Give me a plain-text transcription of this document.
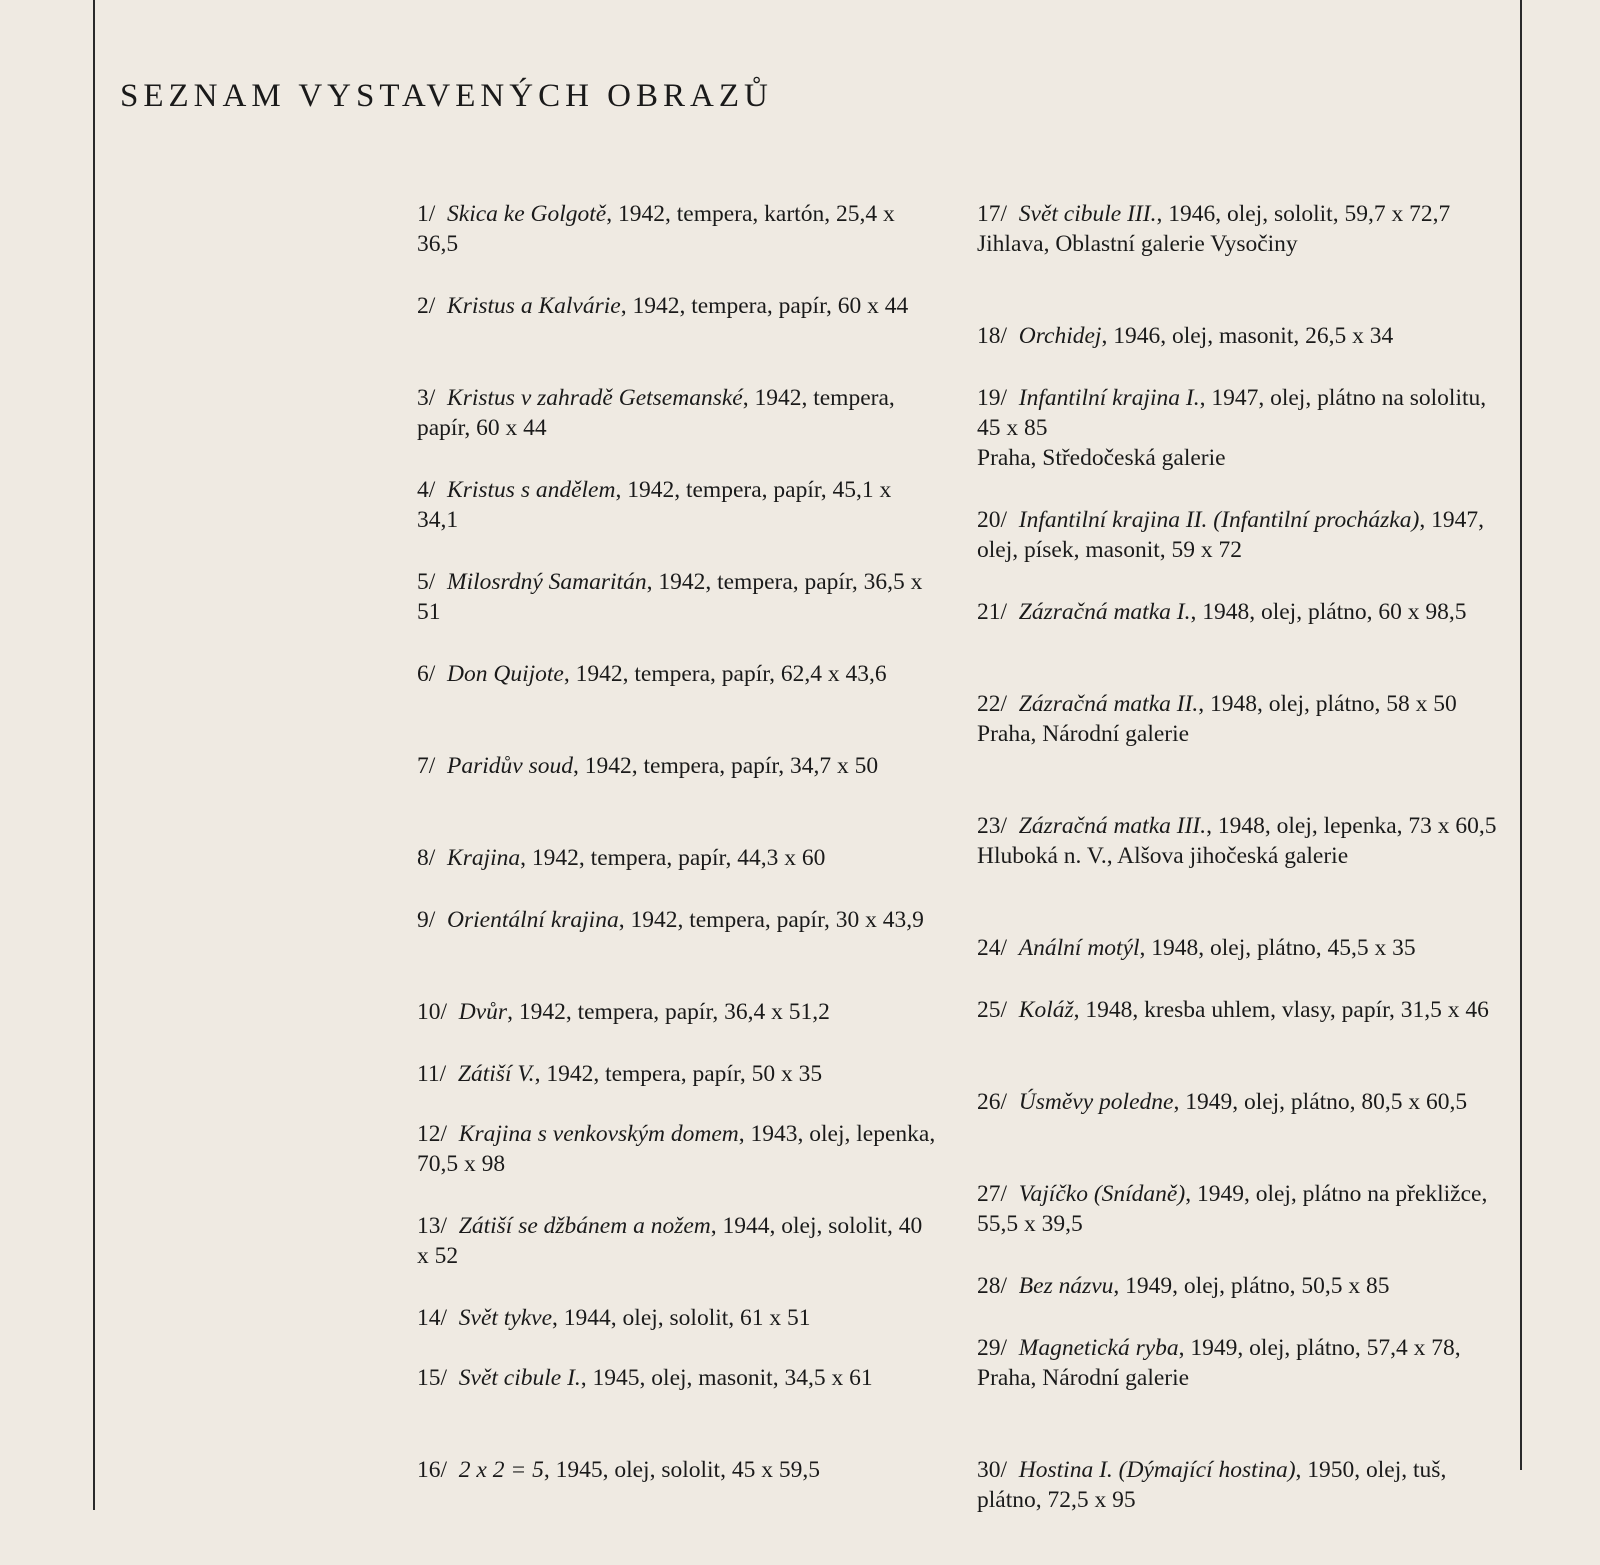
SEZNAM VYSTAVENÝCH OBRAZŮ

1/ Skica ke Golgotě, 1942, tempera, kartón, 25,4 x 36,5

2/ Kristus a Kalvárie, 1942, tempera, papír, 60 x 44

3/ Kristus v zahradě Getsemanské, 1942, tempera, papír, 60 x 44

4/ Kristus s andělem, 1942, tempera, papír, 45,1 x 34,1

5/ Milosrdný Samaritán, 1942, tempera, papír, 36,5 x 51

6/ Don Quijote, 1942, tempera, papír, 62,4 x 43,6

7/ Paridův soud, 1942, tempera, papír, 34,7 x 50

8/ Krajina, 1942, tempera, papír, 44,3 x 60

9/ Orientální krajina, 1942, tempera, papír, 30 x 43,9

10/ Dvůr, 1942, tempera, papír, 36,4 x 51,2

11/ Zátiší V., 1942, tempera, papír, 50 x 35

12/ Krajina s venkovským domem, 1943, olej, lepenka, 70,5 x 98

13/ Zátiší se džbánem a nožem, 1944, olej, sololit, 40 x 52

14/ Svět tykve, 1944, olej, sololit, 61 x 51

15/ Svět cibule I., 1945, olej, masonit, 34,5 x 61

16/ 2 x 2 = 5, 1945, olej, sololit, 45 x 59,5

17/ Svět cibule III., 1946, olej, sololit, 59,7 x 72,7

Jihlava, Oblastní galerie Vysočiny

18/ Orchidej, 1946, olej, masonit, 26,5 x 34

19/ Infantilní krajina I., 1947, olej, plátno na sololitu, 45 x 85

Praha, Středočeská galerie

20/ Infantilní krajina II. (Infantilní procházka), 1947, olej, písek, masonit, 59 x 72

21/ Zázračná matka I., 1948, olej, plátno, 60 x 98,5

22/ Zázračná matka II., 1948, olej, plátno, 58 x 50

Praha, Národní galerie

23/ Zázračná matka III., 1948, olej, lepenka, 73 x 60,5

Hluboká n. V., Alšova jihočeská galerie

24/ Anální motýl, 1948, olej, plátno, 45,5 x 35

25/ Koláž, 1948, kresba uhlem, vlasy, papír, 31,5 x 46

26/ Úsměvy poledne, 1949, olej, plátno, 80,5 x 60,5

27/ Vajíčko (Snídaně), 1949, olej, plátno na překližce, 55,5 x 39,5

28/ Bez názvu, 1949, olej, plátno, 50,5 x 85

29/ Magnetická ryba, 1949, olej, plátno, 57,4 x 78,

Praha, Národní galerie

30/ Hostina I. (Dýmající hostina), 1950, olej, tuš, plátno, 72,5 x 95
